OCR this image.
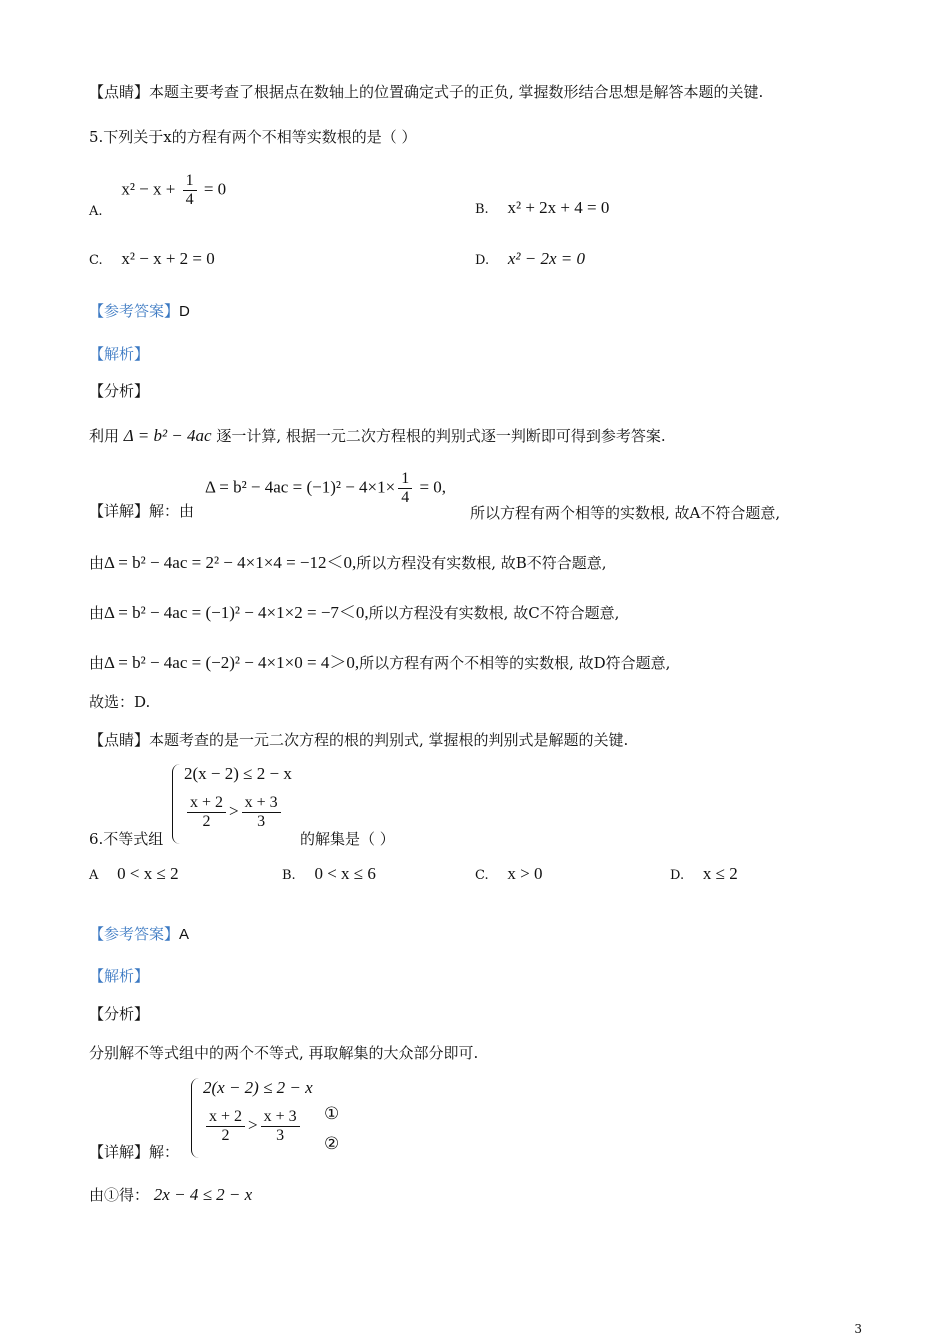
【点睛】本题主要考查了根据点在数轴上的位置确定式子的正负, 掌握数形结合思想是解答本题的关键.
5.下列关于x的方程有两个不相等实数根的是（ ）
A. $x^2 - x + \frac{1}{4} = 0$
B. x² + 2x + 4 = 0
C. x² − x + 2 = 0	D. x² − 2x = 0
【参考答案】D
【解析】
【分析】
利用 Δ = b² − 4ac 逐一计算, 根据一元二次方程根的判别式逐一判断即可得到参考答案.
【详解】解：由
$\Delta = b^2 - 4ac = (-1)^2 - 4\times 1\times \frac{1}{4} = 0$,
所以方程有两个相等的实数根, 故A不符合题意,
由Δ = b² − 4ac = 2² − 4×1×4 = −12＜0,所以方程没有实数根, 故B不符合题意,
由Δ = b² − 4ac = (−1)² − 4×1×2 = −7＜0,所以方程没有实数根, 故C不符合题意,
由Δ = b² − 4ac = (−2)² − 4×1×0 = 4＞0,所以方程有两个不相等的实数根, 故D符合题意,
故选：D.
【点睛】本题考查的是一元二次方程的根的判别式, 掌握根的判别式是解题的关键.
2(x − 2) ≤ 2 − x
$\frac{x + 2}{2} > \frac{x + 3}{3}$
6.不等式组	的解集是（ ）
A 0 < x ≤ 2	B. 0 < x ≤ 6	C. x > 0	D. x ≤ 2
【参考答案】A
【解析】
【分析】
分别解不等式组中的两个不等式, 再取解集的大众部分即可.
2(x − 2) ≤ 2 − x
$\frac{x + 2}{2} > \frac{x + 3}{3}$ ①
②
【详解】解：
由①得： 2x − 4 ≤ 2 − x
3
